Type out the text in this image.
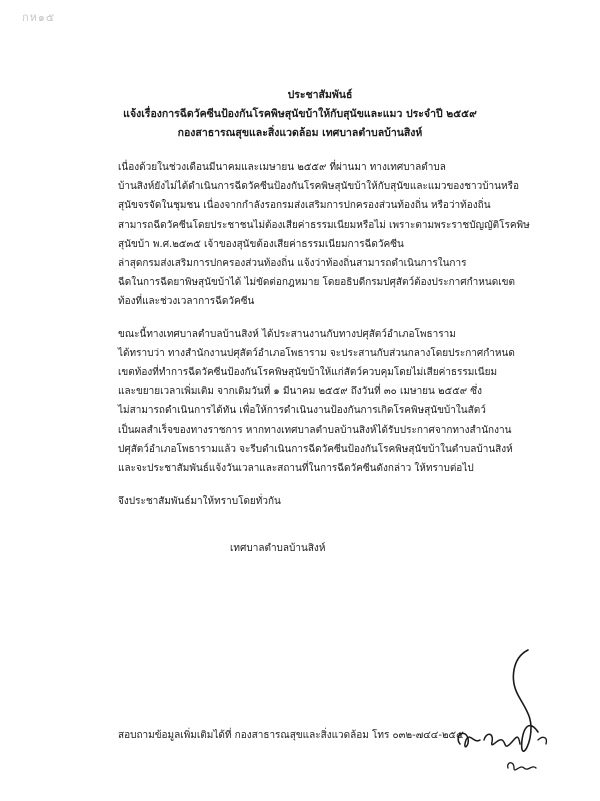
กห๑๕
ประชาสัมพันธ์
แจ้งเรื่องการฉีดวัคซีนป้องกันโรคพิษสุนัขบ้าให้กับสุนัขและแมว ประจำปี ๒๕๕๙
กองสาธารณสุขและสิ่งแวดล้อม เทศบาลตำบลบ้านสิงห์
เนื่องด้วยในช่วงเดือนมีนาคมและเมษายน ๒๕๕๙ ที่ผ่านมา ทางเทศบาลตำบล
บ้านสิงห์ยังไม่ได้ดำเนินการฉีดวัคซีนป้องกันโรคพิษสุนัขบ้าให้กับสุนัขและแมวของชาวบ้านหรือ
สุนัขจรจัดในชุมชน เนื่องจากกำลังรอกรมส่งเสริมการปกครองส่วนท้องถิ่น หรือว่าท้องถิ่น
สามารถฉีดวัคซีนโดยประชาชนไม่ต้องเสียค่าธรรมเนียมหรือไม่ เพราะตามพระราชบัญญัติโรคพิษ
สุนัขบ้า พ.ศ.๒๕๓๕ เจ้าของสุนัขต้องเสียค่าธรรมเนียมการฉีดวัคซีน
ล่าสุดกรมส่งเสริมการปกครองส่วนท้องถิ่น แจ้งว่าท้องถิ่นสามารถดำเนินการในการ
ฉีดในการฉีดยาพิษสุนัขบ้าได้ ไม่ขัดต่อกฎหมาย โดยอธิบดีกรมปศุสัตว์ต้องประกาศกำหนดเขต
ท้องที่และช่วงเวลาการฉีดวัคซีน
ขณะนี้ทางเทศบาลตำบลบ้านสิงห์ ได้ประสานงานกับทางปศุสัตว์อำเภอโพธาราม
ได้ทราบว่า ทางสำนักงานปศุสัตว์อำเภอโพธาราม จะประสานกับส่วนกลางโดยประกาศกำหนด
เขตท้องที่ทำการฉีดวัคซีนป้องกันโรคพิษสุนัขบ้าให้แก่สัตว์ควบคุมโดยไม่เสียค่าธรรมเนียม
และขยายเวลาเพิ่มเติม จากเดิมวันที่ ๑ มีนาคม ๒๕๕๙ ถึงวันที่ ๓๐ เมษายน ๒๕๕๙ ซึ่ง
ไม่สามารถดำเนินการได้ทัน เพื่อให้การดำเนินงานป้องกันการเกิดโรคพิษสุนัขบ้าในสัตว์
เป็นผลสำเร็จของทางราชการ หากทางเทศบาลตำบลบ้านสิงห์ได้รับประกาศจากทางสำนักงาน
ปศุสัตว์อำเภอโพธารามแล้ว จะรีบดำเนินการฉีดวัคซีนป้องกันโรคพิษสุนัขบ้าในตำบลบ้านสิงห์
และจะประชาสัมพันธ์แจ้งวันเวลาและสถานที่ในการฉีดวัคซีนดังกล่าว ให้ทราบต่อไป
จึงประชาสัมพันธ์มาให้ทราบโดยทั่วกัน
เทศบาลตำบลบ้านสิงห์
สอบถามข้อมูลเพิ่มเติมได้ที่ กองสาธารณสุขและสิ่งแวดล้อม โทร ๐๓๒-๗๔๔-๒๕๕
